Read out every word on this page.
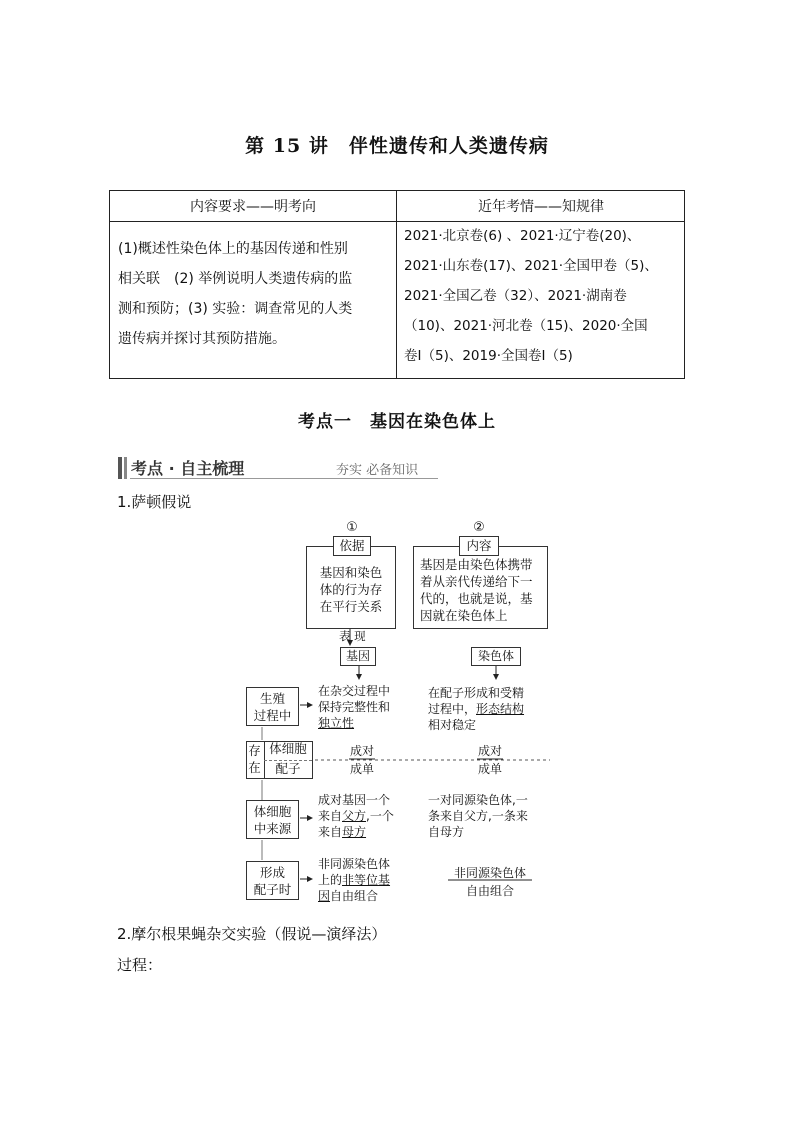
第 15 讲　伴性遗传和人类遗传病
内容要求——明考向	近年考情——知规律
(1)概述性染色体上的基因传递和性别
相关联　(2) 举例说明人类遗传病的监
测和预防；(3) 实验：调查常见的人类
遗传病并探讨其预防措施。
2021·北京卷(6) 、2021·辽宁卷(20)、
2021·山东卷(17)、2021·全国甲卷（5)、
2021·全国乙卷（32）、2021·湖南卷
（10)、2021·河北卷（15)、2020·全国
卷Ⅰ（5)、2019·全国卷Ⅰ（5)
考点一　基因在染色体上
考点 · 自主梳理	夯实 必备知识
1.萨顿假说
①
依据
基因和染色
体的行为存
在平行关系
②
内容
基因是由染色体携带
着从亲代传递给下一
代的，也就是说，基
因就在染色体上
表 现
基因	染色体
生殖
过程中
在杂交过程中
保持完整性和
独立性
在配子形成和受精
过程中，形态结构
相对稳定
存
在
体细胞
配子
成对
成单
成对
成单
体细胞
中来源
成对基因一个
来自父方,一个
来自母方
一对同源染色体,一
条来自父方,一条来
自母方
形成
配子时
非同源染色体
上的非等位基
因自由组合
非同源染色体
自由组合
2.摩尔根果蝇杂交实验（假说—演绎法）
过程：
